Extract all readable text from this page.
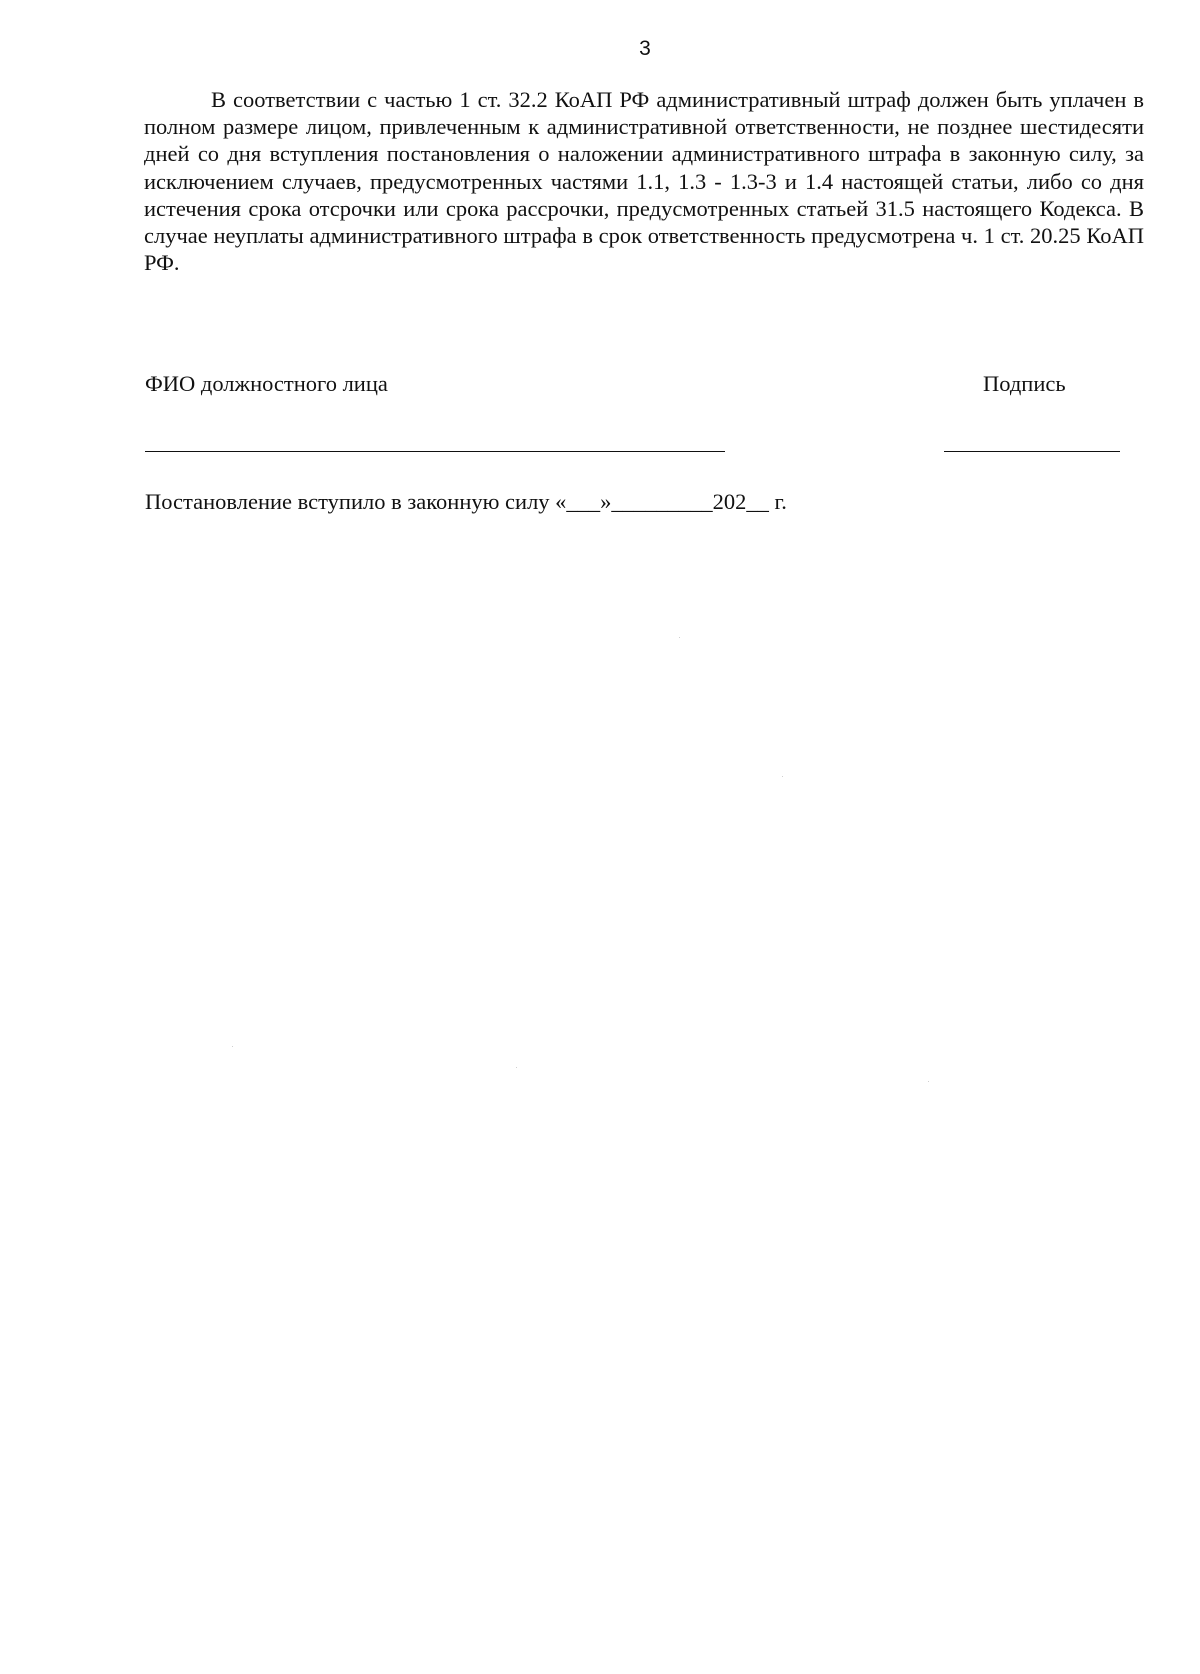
3

В соответствии с частью 1 ст. 32.2 КоАП РФ административный штраф должен быть уплачен в полном размере лицом, привлеченным к административной ответственности, не позднее шестидесяти дней со дня вступления постановления о наложении административного штрафа в законную силу, за исключением случаев, предусмотренных частями 1.1, 1.3 - 1.3-3 и 1.4 настоящей статьи, либо со дня истечения срока отсрочки или срока рассрочки, предусмотренных статьей 31.5 настоящего Кодекса. В случае неуплаты административного штрафа в срок ответственность предусмотрена ч. 1 ст. 20.25 КоАП РФ.

ФИО должностного лица	Подпись
Постановление вступило в законную силу «___»_________202__ г.
